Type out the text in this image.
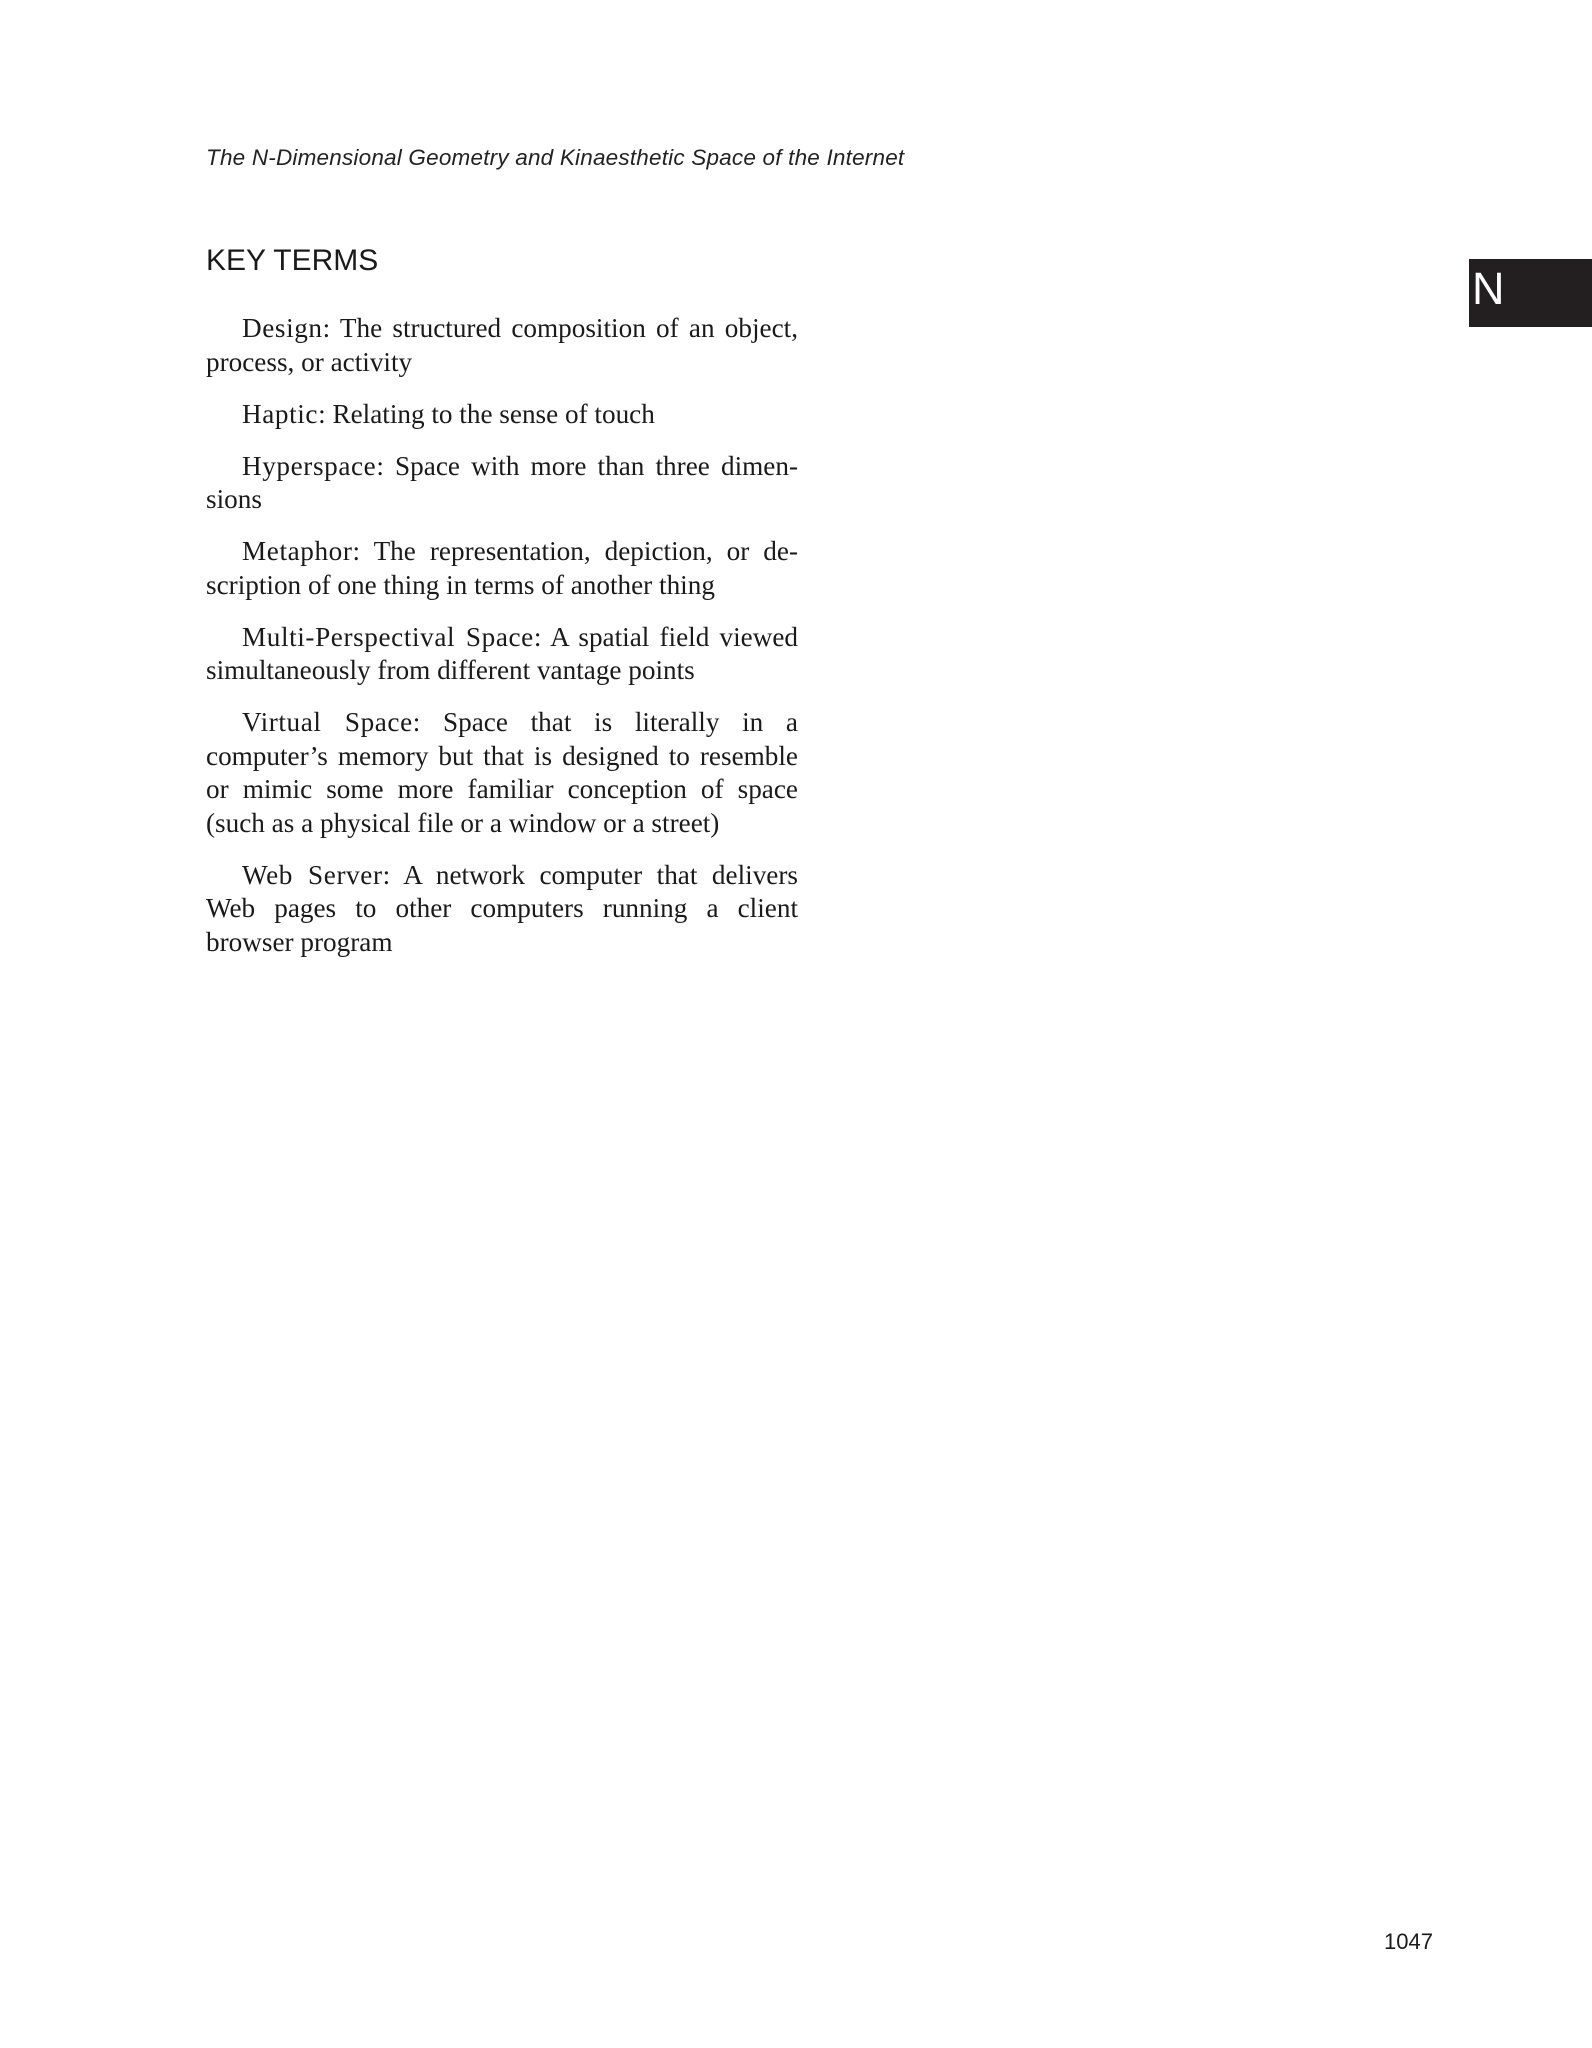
The N-Dimensional Geometry and Kinaesthetic Space of the Internet
KEY TERMS
N

Design: The structured composition of an object, process, or activity

Haptic: Relating to the sense of touch

Hyperspace: Space with more than three dimensions

Metaphor: The representation, depiction, or description of one thing in terms of another thing

Multi-Perspectival Space: A spatial field viewed simultaneously from different vantage points

Virtual Space: Space that is literally in a computer’s memory but that is designed to resemble or mimic some more familiar conception of space (such as a physical file or a window or a street)

Web Server: A network computer that delivers Web pages to other computers running a client browser program

1047
